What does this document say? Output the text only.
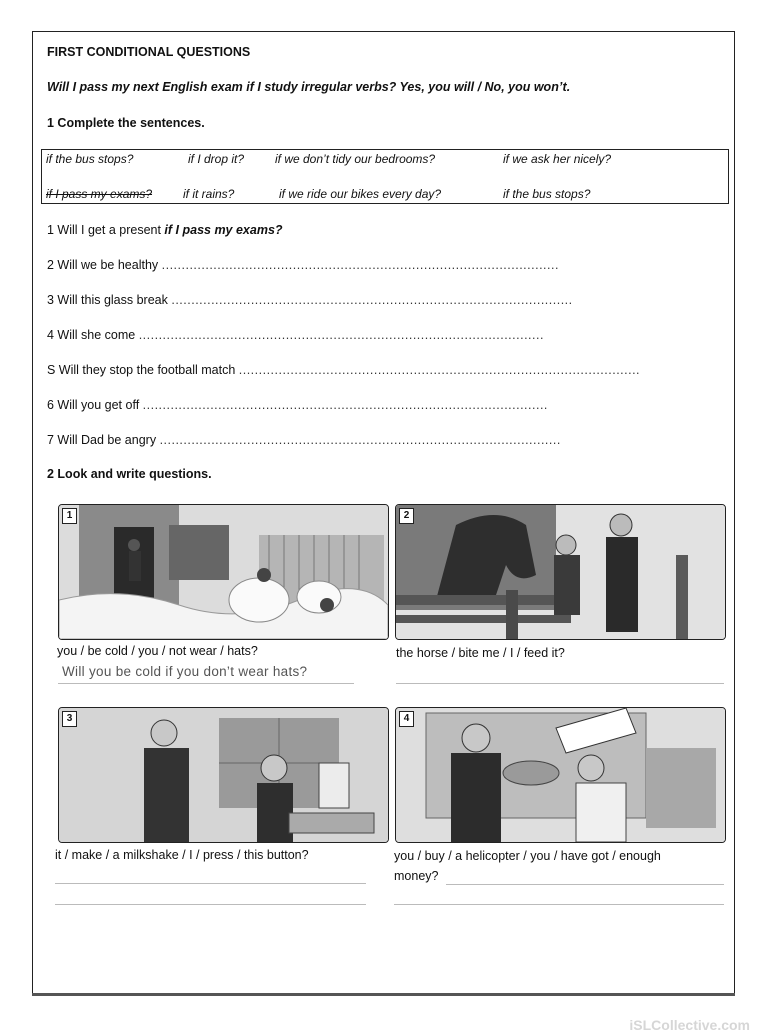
FIRST CONDITIONAL QUESTIONS
Will I pass my next English exam if I study irregular verbs? Yes, you will / No, you won’t.
1 Complete the sentences.
if the bus stops?	if I drop it?	if we don’t tidy our bedrooms?	if we ask her nicely?
if I pass my exams?	if it rains?	if we ride our bikes every day?	if the bus stops?
1 Will I get a present if I pass my exams?
2 Will we be healthy ....................................................................................................
3 Will this glass break .....................................................................................................
4 Will she come ......................................................................................................
S Will they stop the football match .....................................................................................................
6 Will you get off ......................................................................................................
7 Will Dad be angry .....................................................................................................
2 Look and write questions.
1
you / be cold / you / not wear / hats?
Will you be cold if you don’t wear hats?
2
the horse / bite me / I / feed it?
3
it / make / a milkshake / I / press / this button?
4
you / buy / a helicopter / you / have got / enough
money?
iSLCollective.com
